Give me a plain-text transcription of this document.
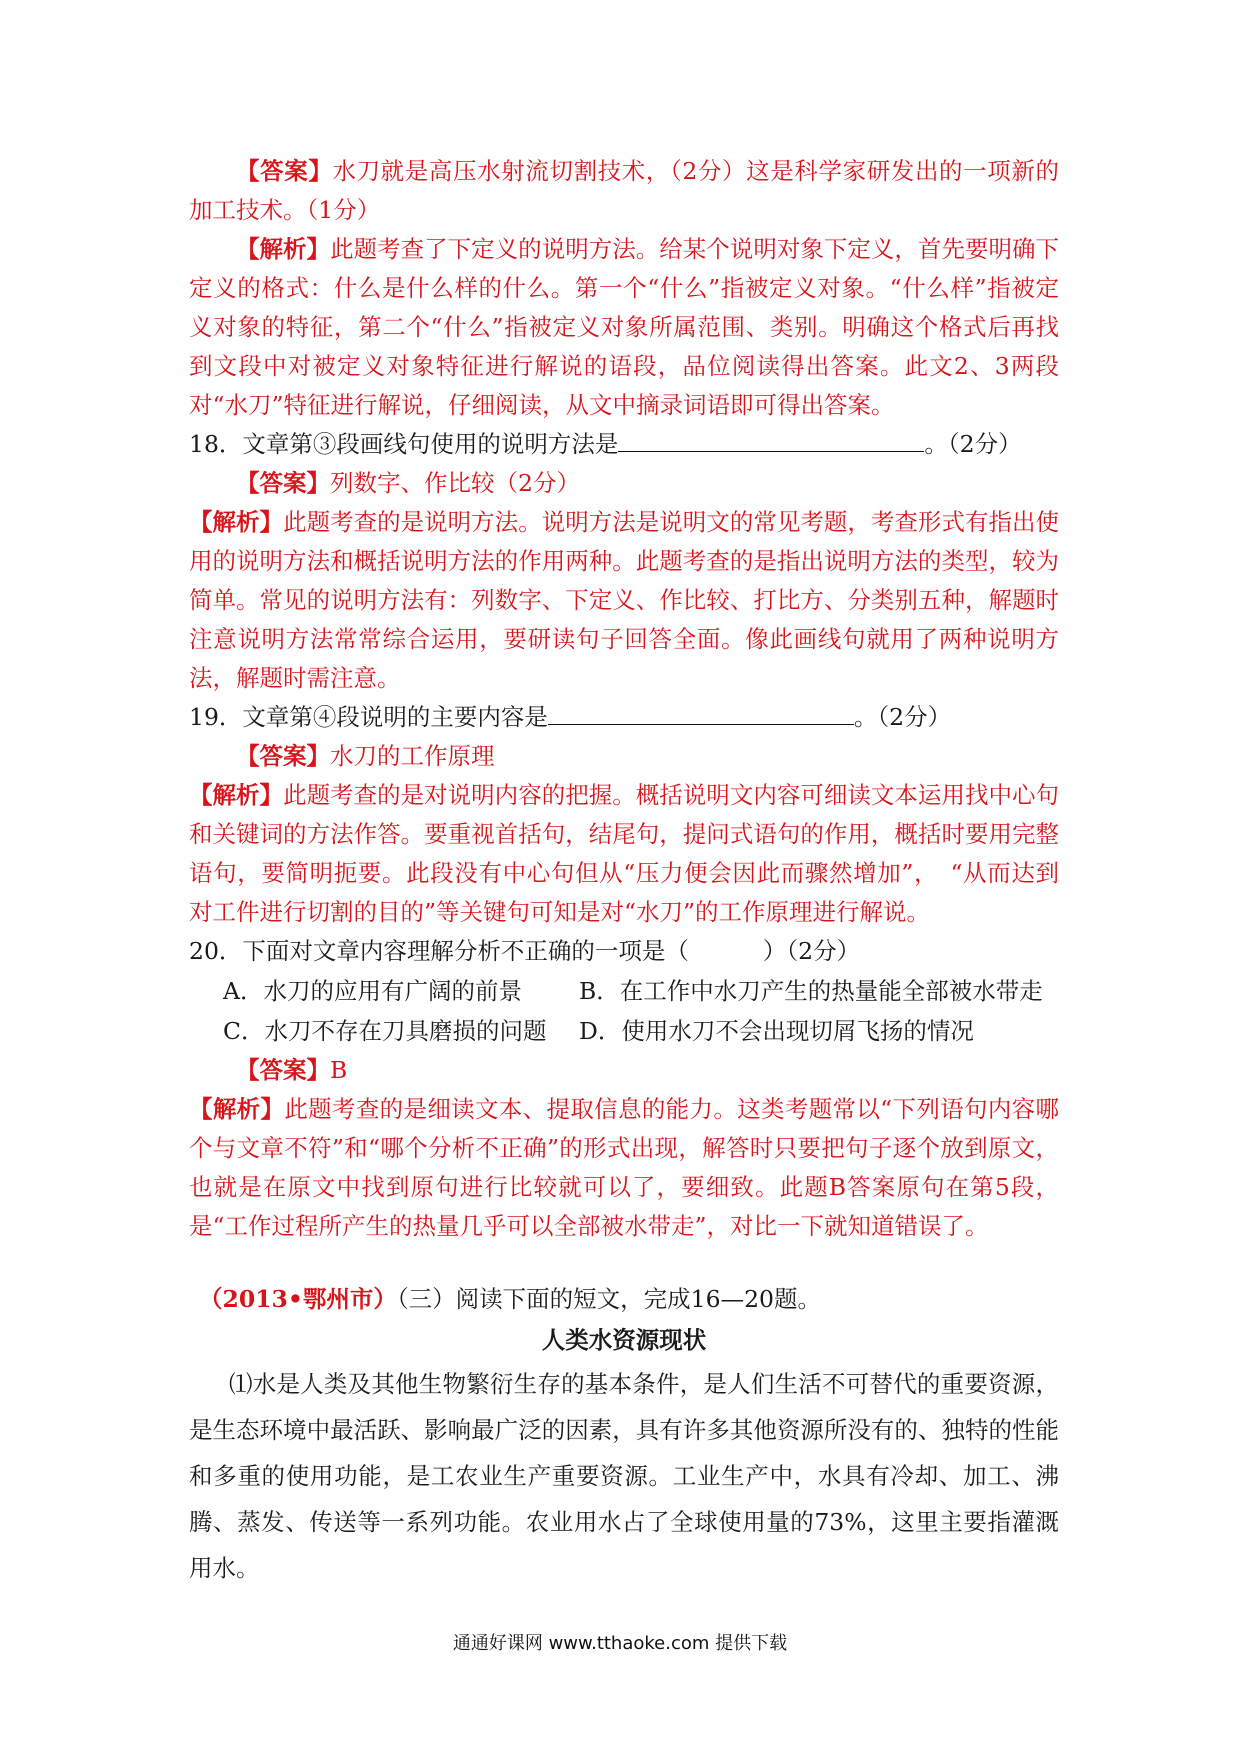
【答案】水刀就是高压水射流切割技术，（2分）这是科学家研发出的一项新的加工技术。（1分）

【解析】此题考查了下定义的说明方法。给某个说明对象下定义，首先要明确下定义的格式：什么是什么样的什么。第一个“什么”指被定义对象。“什么样”指被定义对象的特征，第二个“什么”指被定义对象所属范围、类别。明确这个格式后再找到文段中对被定义对象特征进行解说的语段，品位阅读得出答案。此文2、3两段对“水刀”特征进行解说，仔细阅读，从文中摘录词语即可得出答案。

18．文章第③段画线句使用的说明方法是	。（2分）

【答案】列数字、作比较（2分）

【解析】此题考查的是说明方法。说明方法是说明文的常见考题，考查形式有指出使用的说明方法和概括说明方法的作用两种。此题考查的是指出说明方法的类型，较为简单。常见的说明方法有：列数字、下定义、作比较、打比方、分类别五种，解题时注意说明方法常常综合运用，要研读句子回答全面。像此画线句就用了两种说明方法，解题时需注意。

19．文章第④段说明的主要内容是	。（2分）

【答案】水刀的工作原理

【解析】此题考查的是对说明内容的把握。概括说明文内容可细读文本运用找中心句和关键词的方法作答。要重视首括句，结尾句，提问式语句的作用，概括时要用完整语句，要简明扼要。此段没有中心句但从“压力便会因此而骤然增加”，　“从而达到对工件进行切割的目的”等关键句可知是对“水刀”的工作原理进行解说。

20．下面对文章内容理解分析不正确的一项是（	）（2分）

A．水刀的应用有广阔的前景	B．在工作中水刀产生的热量能全部被水带走
C．水刀不存在刀具磨损的问题	D．使用水刀不会出现切屑飞扬的情况

【答案】B

【解析】此题考查的是细读文本、提取信息的能力。这类考题常以“下列语句内容哪个与文章不符”和“哪个分析不正确”的形式出现，解答时只要把句子逐个放到原文，也就是在原文中找到原句进行比较就可以了，要细致。此题B答案原句在第5段，是“工作过程所产生的热量几乎可以全部被水带走”，对比一下就知道错误了。

（2013•鄂州市）（三）阅读下面的短文，完成16—20题。

人类水资源现状

⑴水是人类及其他生物繁衍生存的基本条件，是人们生活不可替代的重要资源，是生态环境中最活跃、影响最广泛的因素，具有许多其他资源所没有的、独特的性能和多重的使用功能，是工农业生产重要资源。工业生产中，水具有冷却、加工、沸腾、蒸发、传送等一系列功能。农业用水占了全球使用量的73%，这里主要指灌溉用水。

通通好课网 www.tthaoke.com 提供下载
